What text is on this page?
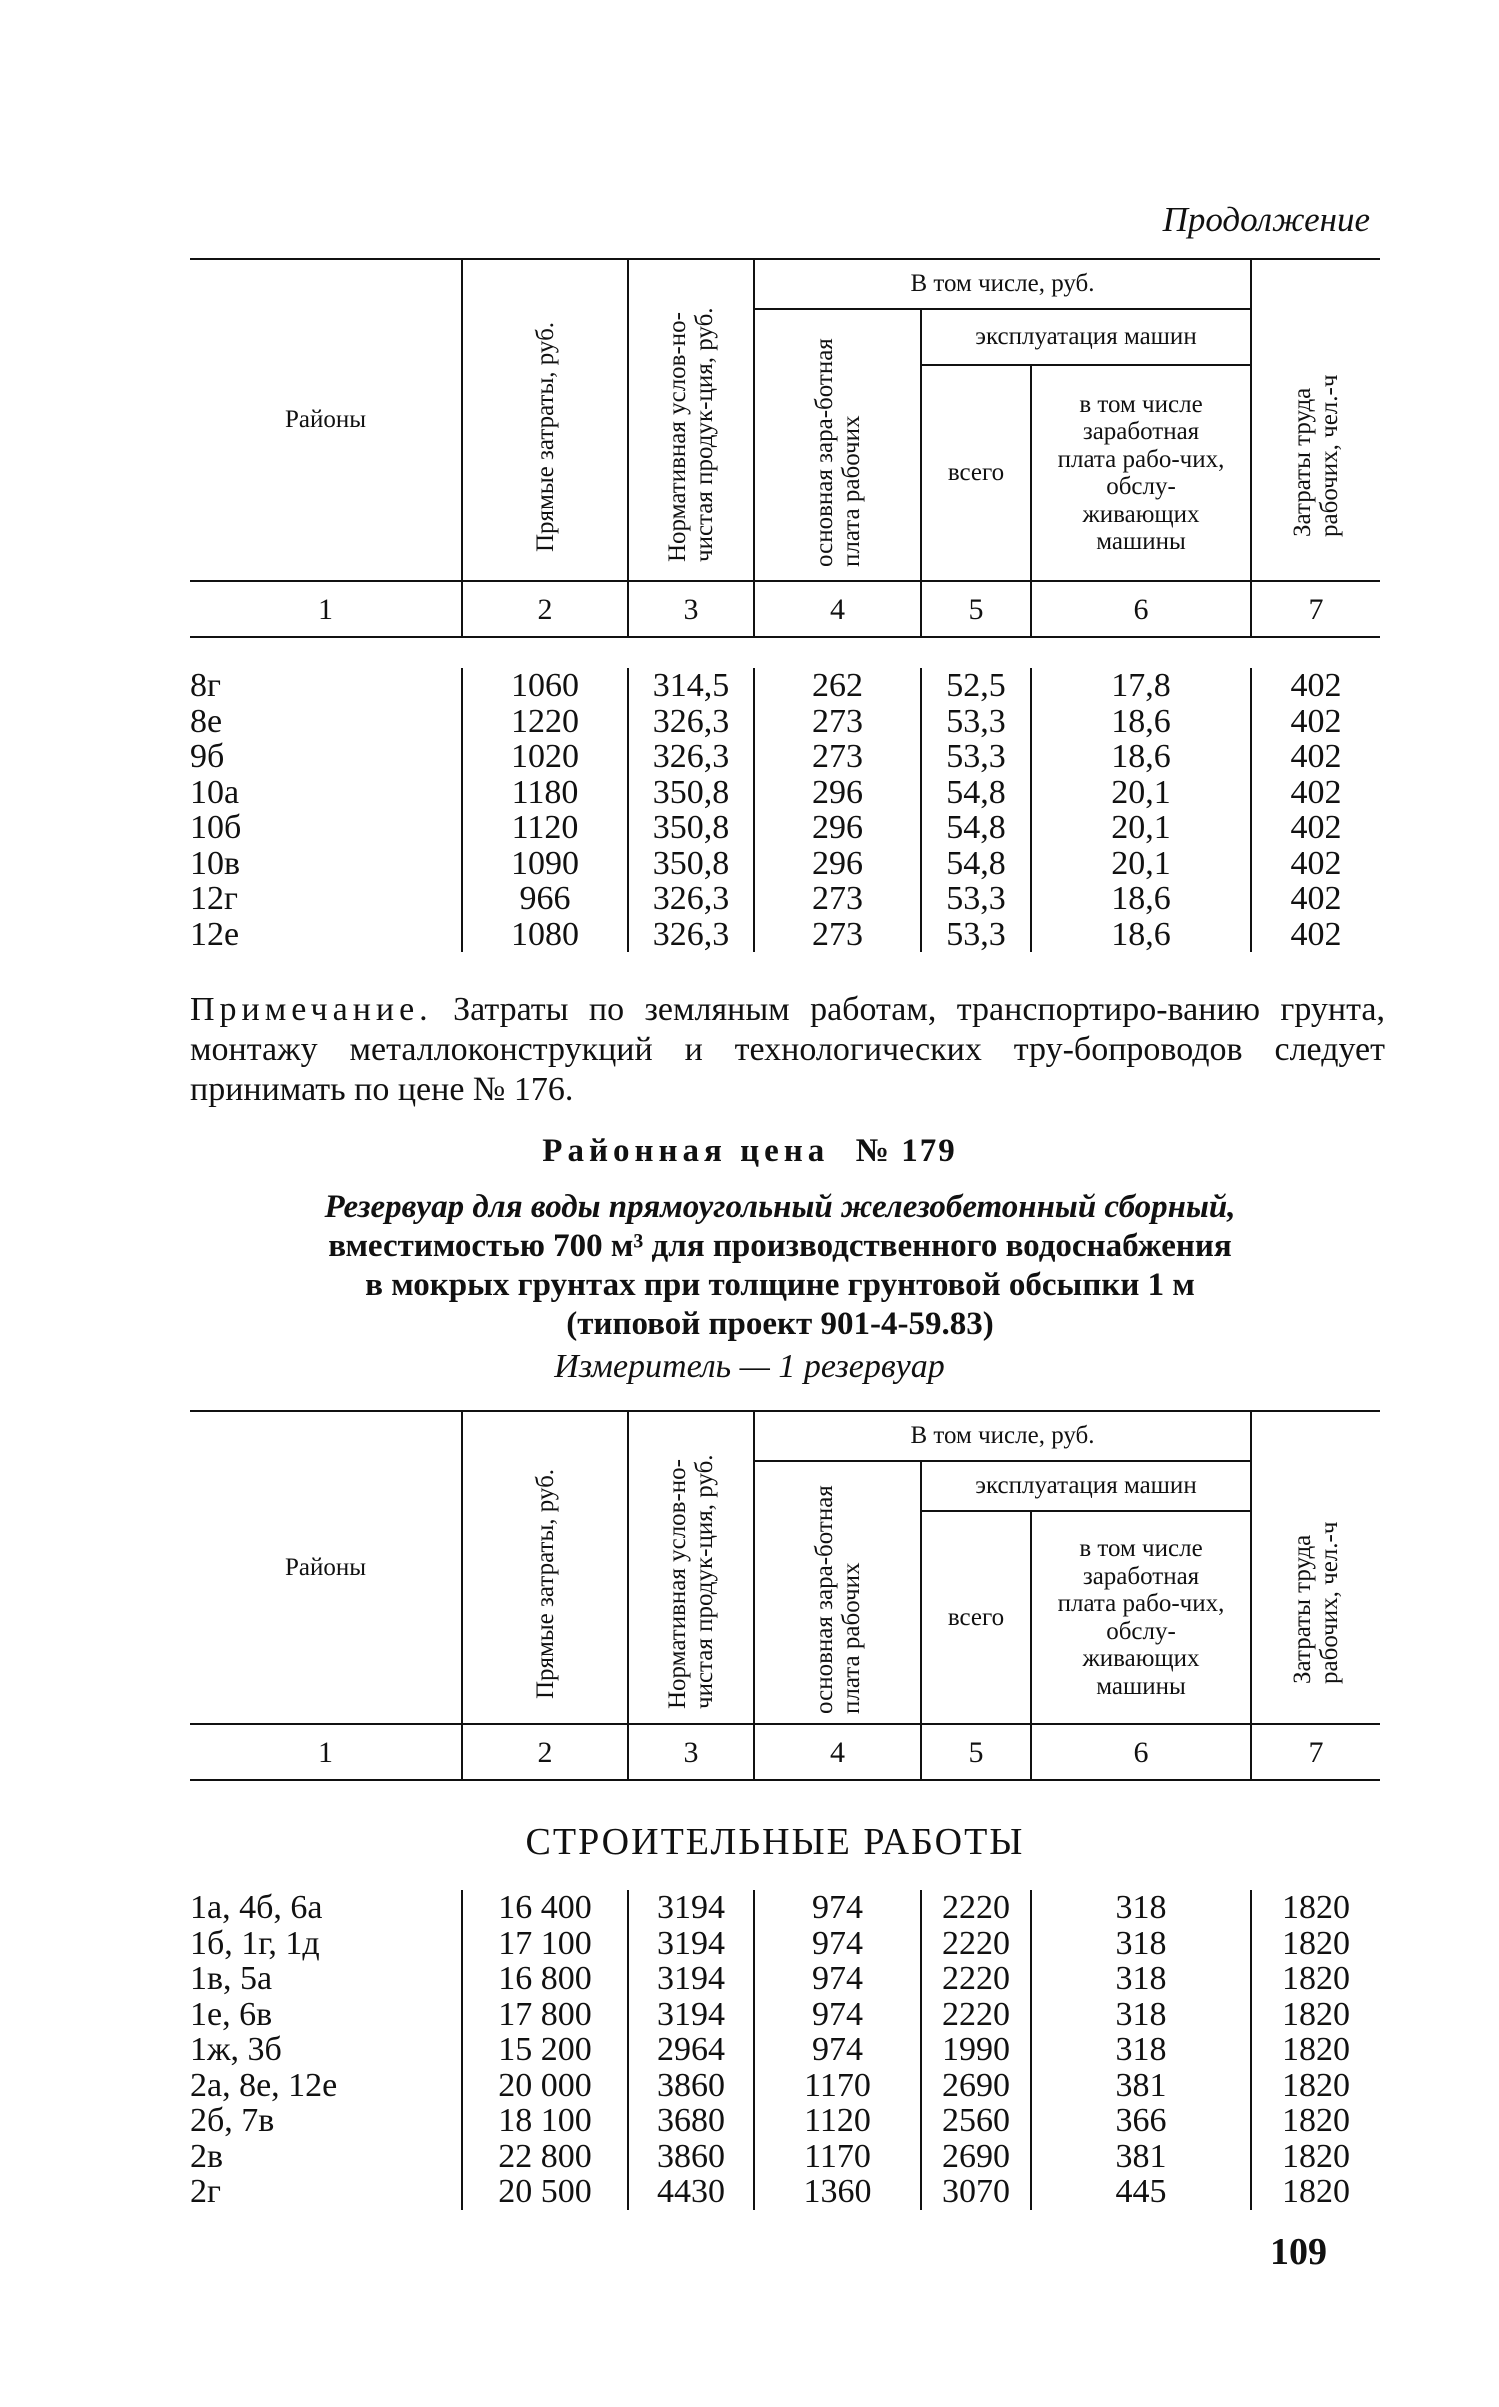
Продолжение
Районы	Прямые затраты, руб.	Нормативная услов-но-чистая продук-ция, руб.	В том числе, руб.			Затраты труда рабочих, чел.-ч
			основная зара-ботная плата рабочих	эксплуатация машин		
				всего	в том числе заработная плата рабо-чих, обслу-живающих машины	
1	2	3	4	5	6	7
8г	1060	314,5	262	52,5	17,8	402
8е	1220	326,3	273	53,3	18,6	402
9б	1020	326,3	273	53,3	18,6	402
10а	1180	350,8	296	54,8	20,1	402
10б	1120	350,8	296	54,8	20,1	402
10в	1090	350,8	296	54,8	20,1	402
12г	966	326,3	273	53,3	18,6	402
12е	1080	326,3	273	53,3	18,6	402
Примечание. Затраты по земляным работам, транспортиро-ванию грунта, монтажу металлоконструкций и технологических тру-бопроводов следует принимать по цене № 176.
Районная цена № 179
Резервуар для воды прямоугольный железобетонный сборный,
вместимостью 700 м³ для производственного водоснабжения
в мокрых грунтах при толщине грунтовой обсыпки 1 м
(типовой проект 901-4-59.83)
Измеритель — 1 резервуар
Районы	Прямые затраты, руб.	Нормативная услов-но-чистая продук-ция, руб.	В том числе, руб.			Затраты труда рабочих, чел.-ч
			основная зара-ботная плата рабочих	эксплуатация машин		
				всего	в том числе заработная плата рабо-чих, обслу-живающих машины	
1	2	3	4	5	6	7
СТРОИТЕЛЬНЫЕ РАБОТЫ
1а, 4б, 6а	16 400	3194	974	2220	318	1820
1б, 1г, 1д	17 100	3194	974	2220	318	1820
1в, 5а	16 800	3194	974	2220	318	1820
1е, 6в	17 800	3194	974	2220	318	1820
1ж, 3б	15 200	2964	974	1990	318	1820
2а, 8е, 12е	20 000	3860	1170	2690	381	1820
2б, 7в	18 100	3680	1120	2560	366	1820
2в	22 800	3860	1170	2690	381	1820
2г	20 500	4430	1360	3070	445	1820
109
